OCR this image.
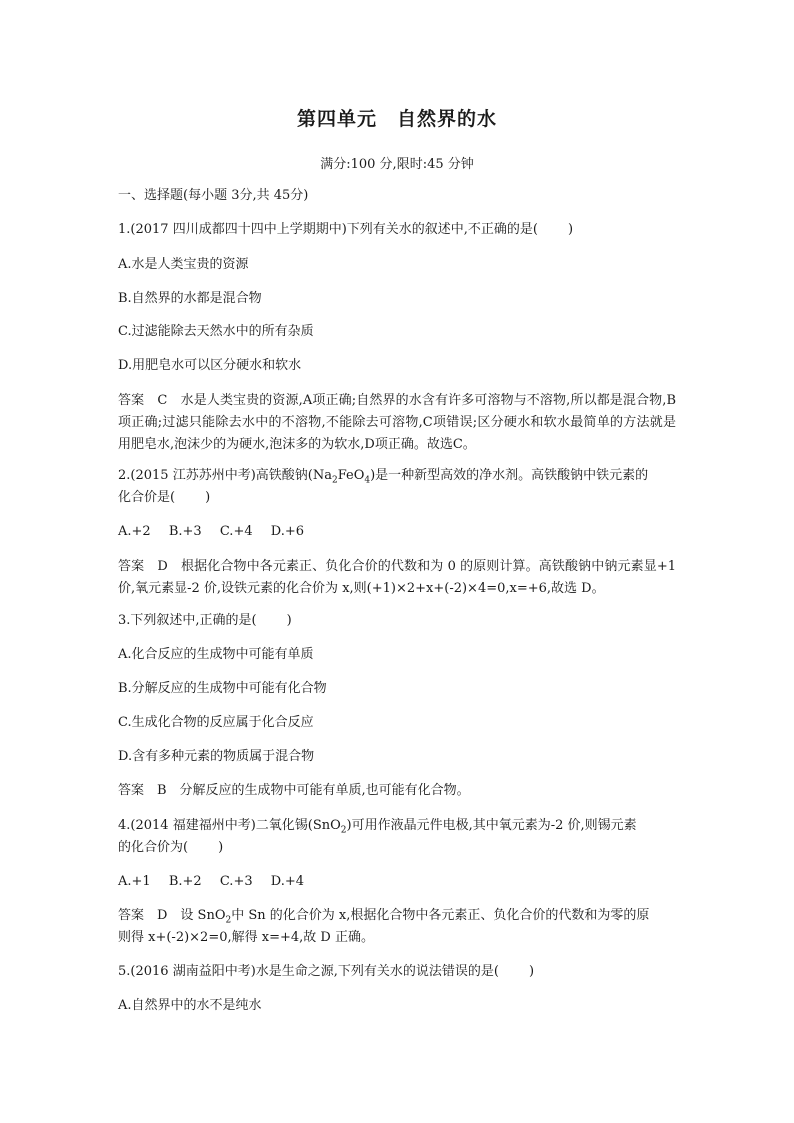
第四单元　自然界的水
满分:100 分,限时:45 分钟
一、选择题(每小题 3分,共 45分)
1.(2017 四川成都四十四中上学期期中)下列有关水的叙述中,不正确的是( )
A.水是人类宝贵的资源
B.自然界的水都是混合物
C.过滤能除去天然水中的所有杂质
D.用肥皂水可以区分硬水和软水
答案　C　水是人类宝贵的资源,A项正确;自然界的水含有许多可溶物与不溶物,所以都是混合物,B项正确;过滤只能除去水中的不溶物,不能除去可溶物,C项错误;区分硬水和软水最简单的方法就是用肥皂水,泡沫少的为硬水,泡沫多的为软水,D项正确。故选C。
2.(2015 江苏苏州中考)高铁酸钠$(Na_2FeO_4)$是一种新型高效的净水剂。高铁酸钠中铁元素的
化合价是( )
A.+2 B.+3 C.+4 D.+6
答案　D　根据化合物中各元素正、负化合价的代数和为 0 的原则计算。高铁酸钠中钠元素显+1 价,氧元素显-2 价,设铁元素的化合价为 x,则(+1)×2+x+(-2)×4=0,x=+6,故选 D。
3.下列叙述中,正确的是( )
A.化合反应的生成物中可能有单质
B.分解反应的生成物中可能有化合物
C.生成化合物的反应属于化合反应
D.含有多种元素的物质属于混合物
答案　B　分解反应的生成物中可能有单质,也可能有化合物。
4.(2014 福建福州中考)二氧化锡(SnO$_2$)可用作液晶元件电极,其中氧元素为-2 价,则锡元素
的化合价为( )
A.+1 B.+2 C.+3 D.+4
答案　D　设 SnO$_2$中 Sn 的化合价为 x,根据化合物中各元素正、负化合价的代数和为零的原
则得 x+(-2)×2=0,解得 x=+4,故 D 正确。
5.(2016 湖南益阳中考)水是生命之源,下列有关水的说法错误的是( )
A.自然界中的水不是纯水
